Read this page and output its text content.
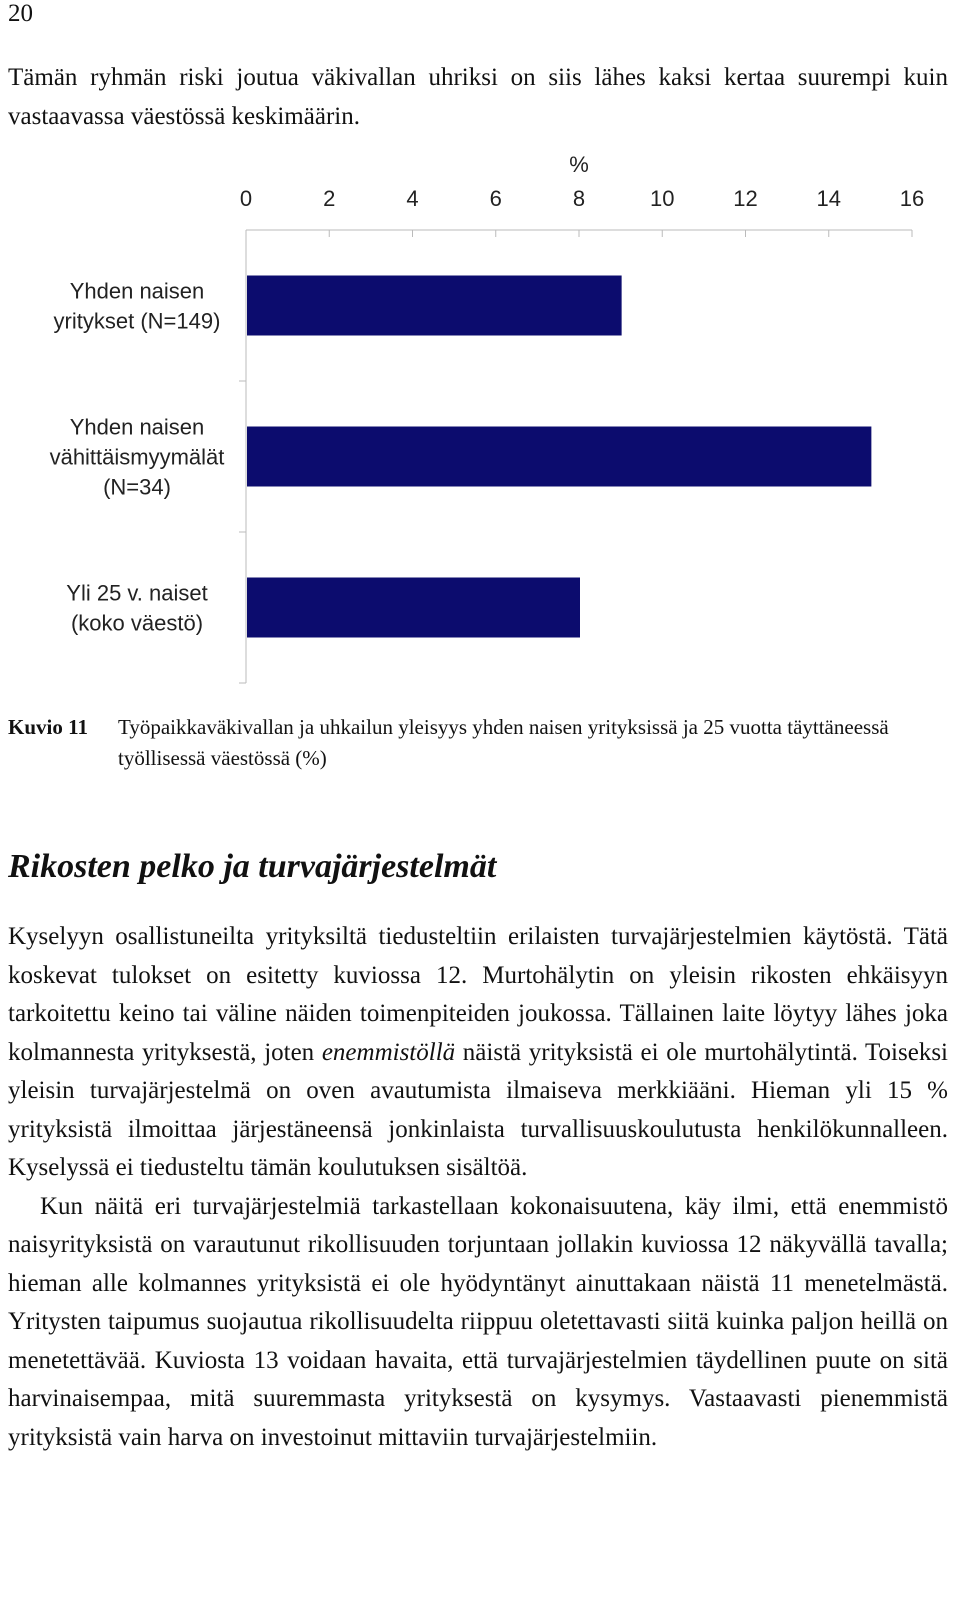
20

Tämän ryhmän riski joutua väkivallan uhriksi on siis lähes kaksi kertaa suurempi kuin vastaavassa väestössä keskimäärin.

%
0	2	4	6	8	10	12	14	16
Yhden naisen
yritykset (N=149)
Yhden naisen
vähittäismyymälät
(N=34)
Yli 25 v. naiset
(koko väestö)
Kuvio 11 Työpaikkaväkivallan ja uhkailun yleisyys yhden naisen yrityksissä ja 25 vuotta täyttäneessä työllisessä väestössä (%)
Rikosten pelko ja turvajärjestelmät

Kyselyyn osallistuneilta yrityksiltä tiedusteltiin erilaisten turvajärjestelmien käytöstä. Tätä koskevat tulokset on esitetty kuviossa 12. Murtohälytin on yleisin rikosten ehkäisyyn tarkoitettu keino tai väline näiden toimenpiteiden joukossa. Tällainen laite löytyy lähes joka kolmannesta yrityksestä, joten enemmistöllä näistä yrityksistä ei ole murtohälytintä. Toiseksi yleisin turvajärjestelmä on oven avautumista ilmaiseva merkkiääni. Hieman yli 15 % yrityksistä ilmoittaa järjestäneensä jonkinlaista turvallisuuskoulutusta henkilökunnalleen. Kyselyssä ei tiedusteltu tämän koulutuksen sisältöä.

Kun näitä eri turvajärjestelmiä tarkastellaan kokonaisuutena, käy ilmi, että enemmistö naisyrityksistä on varautunut rikollisuuden torjuntaan jollakin kuviossa 12 näkyvällä tavalla; hieman alle kolmannes yrityksistä ei ole hyödyntänyt ainuttakaan näistä 11 menetelmästä. Yritysten taipumus suojautua rikollisuudelta riippuu oletettavasti siitä kuinka paljon heillä on menetettävää. Kuviosta 13 voidaan havaita, että turvajärjestelmien täydellinen puute on sitä harvinaisempaa, mitä suuremmasta yrityksestä on kysymys. Vastaavasti pienemmistä yrityksistä vain harva on investoinut mittaviin turvajärjestelmiin.
